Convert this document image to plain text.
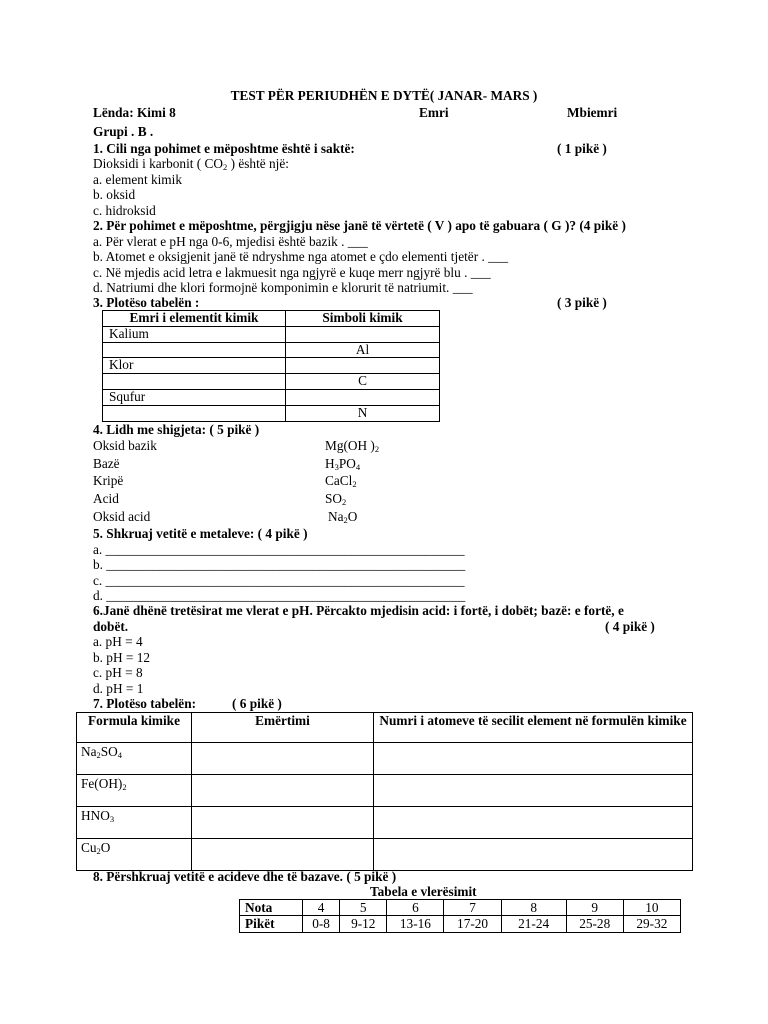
TEST PËR PERIUDHËN E DYTË( JANAR- MARS )
Lënda: Kimi 8	Emri	Mbiemri
Grupi . B .
1. Cili nga pohimet e mëposhtme është i saktë:	( 1 pikë )
Dioksidi i karbonit ( $CO_2$ ) është një:
a. element kimik
b. oksid
c. hidroksid
2. Për pohimet e mëposhtme, përgjigju nëse janë të vërtetë ( V ) apo të gabuara ( G )? (4 pikë )
a. Për vlerat e pH nga 0-6, mjedisi është bazik . ___
b. Atomet e oksigjenit janë të ndryshme nga atomet e çdo elementi tjetër . ___
c. Në mjedis acid letra e lakmuesit nga ngjyrë e kuqe merr ngjyrë blu . ___
d. Natriumi dhe klori formojnë komponimin e klorurit të natriumit. ___
3. Plotëso tabelën :	( 3 pikë )
Emri i elementit kimik	Simboli kimik
Kalium	
	Al
Klor	
	C
Squfur	
	N
4. Lidh me shigjeta: ( 5 pikë )
Oksid bazik
Bazë
Kripë
Acid
Oksid acid
Mg(OH )$_2$
$H_3PO_4$
CaCl$_2$
$SO_2$
$Na_2O$
5. Shkruaj vetitë e metaleve: ( 4 pikë )
a. ______________________________________________________
b. ______________________________________________________
c. ______________________________________________________
d. ______________________________________________________
6.Janë dhënë tretësirat me vlerat e pH. Përcakto mjedisin acid: i fortë, i dobët; bazë: e fortë, e
dobët.	( 4 pikë )
a. pH = 4
b. pH = 12
c. pH = 8
d. pH = 1
7. Plotëso tabelën:	( 6 pikë )
Formula kimike	Emërtimi	Numri i atomeve të secilit element në formulën kimike
$Na_2SO_4$		
$Fe(OH)_2$		
$HNO_3$		
$Cu_2O$		
8. Përshkruaj vetitë e acideve dhe të bazave. ( 5 pikë )
Tabela e vlerësimit
Nota	4	5	6	7	8	9	10
Pikët	0-8	9-12	13-16	17-20	21-24	25-28	29-32
